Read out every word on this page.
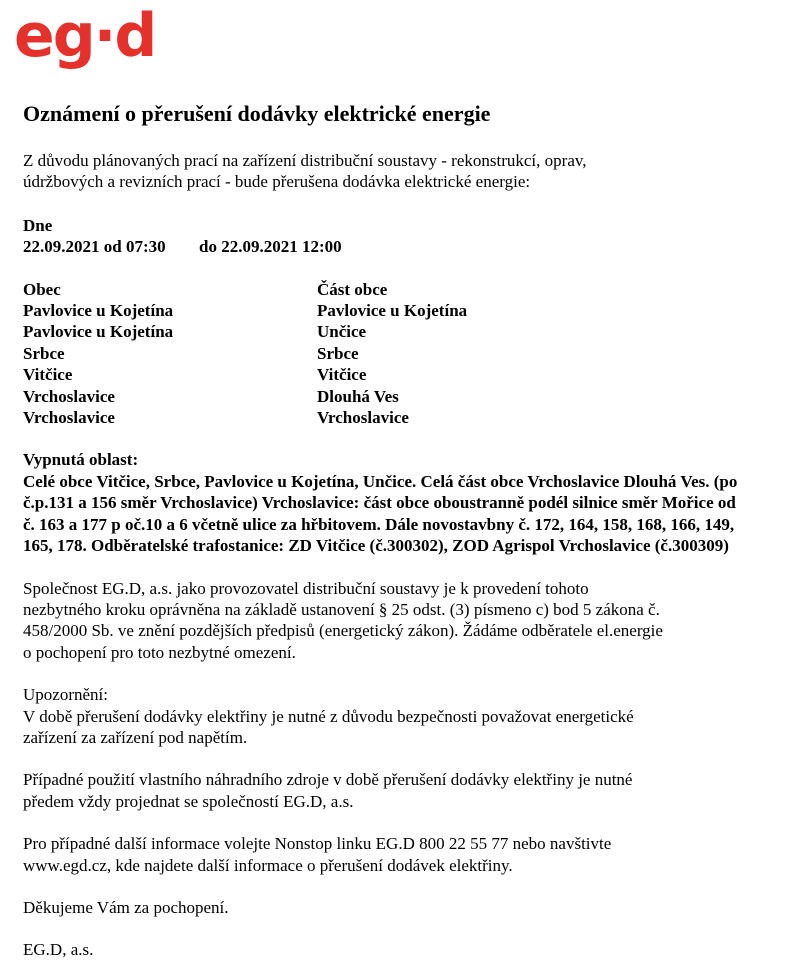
eg·d
Oznámení o přerušení dodávky elektrické energie

Z důvodu plánovaných prací na zařízení distribuční soustavy - rekonstrukcí, oprav,

údržbových a revizních prací - bude přerušena dodávka elektrické energie:

Dne
22.09.2021 od 07:30	do 22.09.2021 12:00
Obec	Část obce
Pavlovice u Kojetína	Pavlovice u Kojetína
Pavlovice u Kojetína	Unčice
Srbce	Srbce
Vitčice	Vitčice
Vrchoslavice	Dlouhá Ves
Vrchoslavice	Vrchoslavice

Vypnutá oblast:

Celé obce Vitčice, Srbce, Pavlovice u Kojetína, Unčice. Celá část obce Vrchoslavice Dlouhá Ves. (po

č.p.131 a 156 směr Vrchoslavice) Vrchoslavice: část obce oboustranně podél silnice směr Mořice od

č. 163 a 177 p oč.10 a 6 včetně ulice za hřbitovem. Dále novostavbny č. 172, 164, 158, 168, 166, 149,

165, 178. Odběratelské trafostanice: ZD Vitčice (č.300302), ZOD Agrispol Vrchoslavice (č.300309)

Společnost EG.D, a.s. jako provozovatel distribuční soustavy je k provedení tohoto

nezbytného kroku oprávněna na základě ustanovení § 25 odst. (3) písmeno c) bod 5 zákona č.

458/2000 Sb. ve znění pozdějších předpisů (energetický zákon). Žádáme odběratele el.energie

o pochopení pro toto nezbytné omezení.

Upozornění:

V době přerušení dodávky elektřiny je nutné z důvodu bezpečnosti považovat energetické

zařízení za zařízení pod napětím.

Případné použití vlastního náhradního zdroje v době přerušení dodávky elektřiny je nutné

předem vždy projednat se společností EG.D, a.s.

Pro případné další informace volejte Nonstop linku EG.D 800 22 55 77 nebo navštivte

www.egd.cz, kde najdete další informace o přerušení dodávek elektřiny.

Děkujeme Vám za pochopení.

EG.D, a.s.
